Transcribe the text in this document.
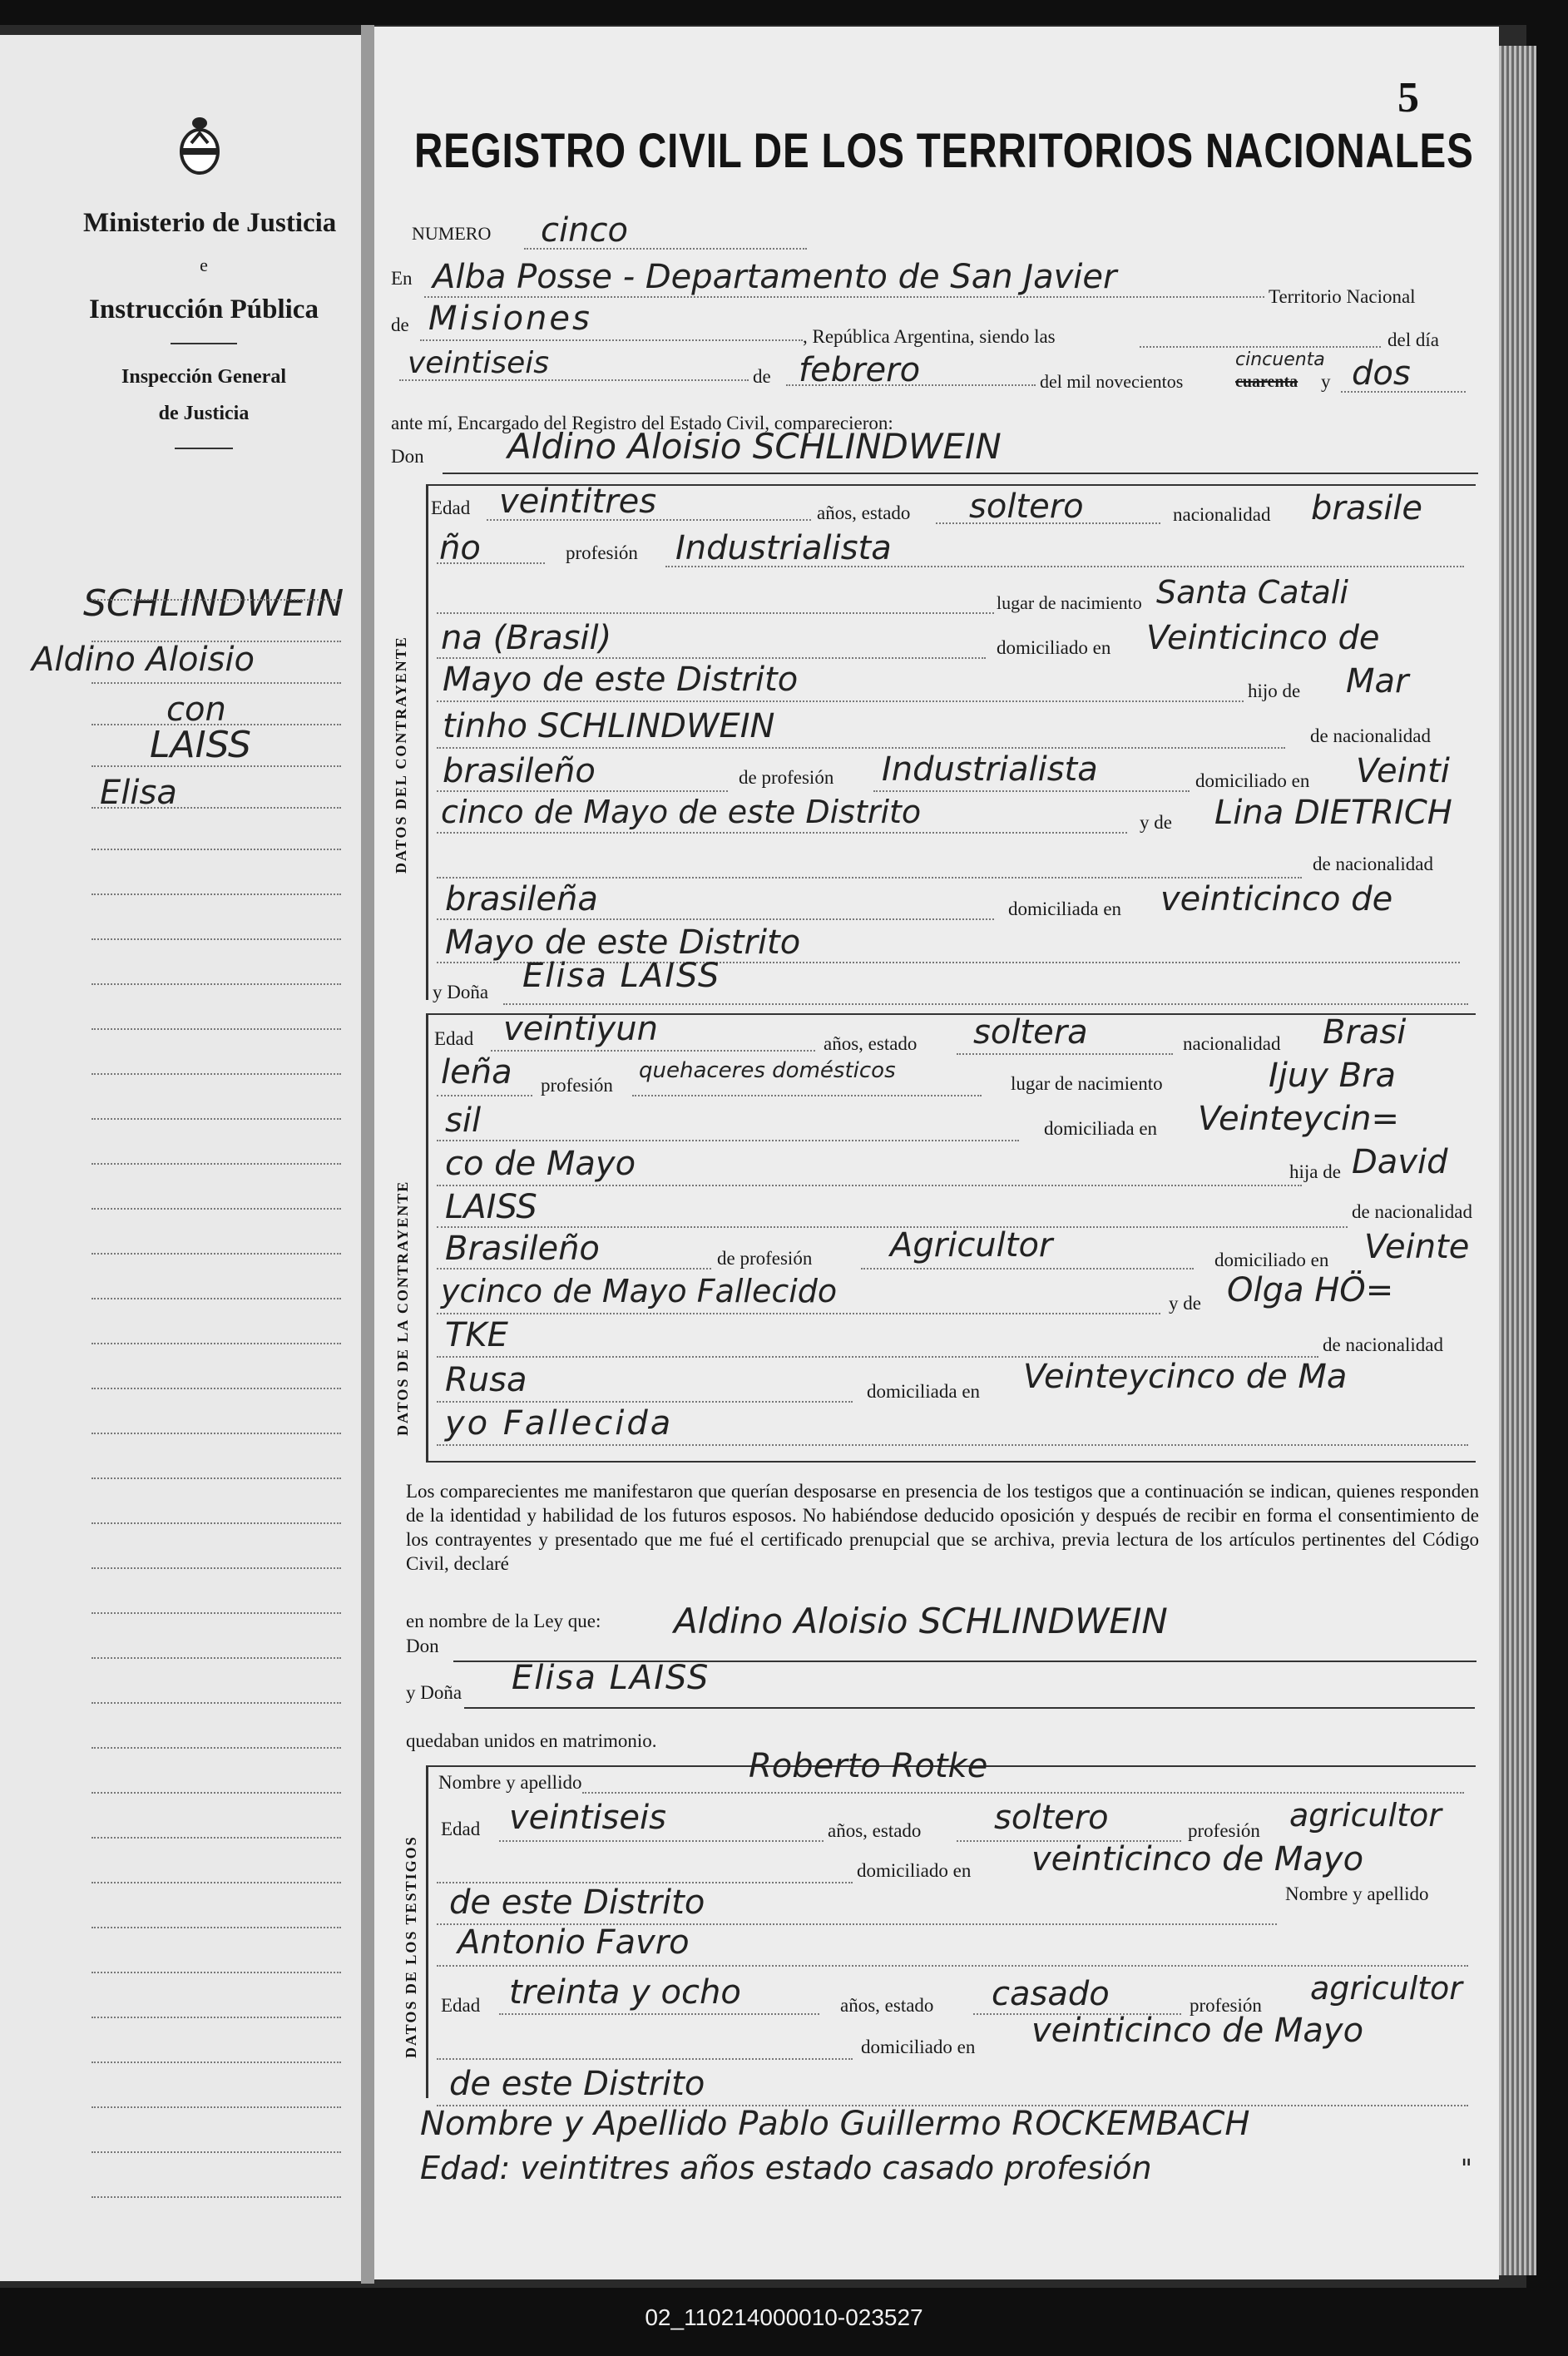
Ministerio de Justicia
e
Instrucción Pública
Inspección General
de Justicia
SCHLINDWEIN
Aldino Aloisio
con
LAISS
Elisa
5
REGISTRO CIVIL DE LOS TERRITORIOS NACIONALES
NUMERO cinco
En Alba Posse - Departamento de San Javier
Territorio Nacional
de Misiones	, República Argentina, siendo las	del día
veintiseis	de febrero	del mil novecientos
cincuenta
cuarenta y dos
ante mí, Encargado del Registro del Estado Civil, comparecieron:
Don Aldino Aloisio SCHLINDWEIN
DATOS DEL CONTRAYENTE
Edad veintitres	años, estado soltero	nacionalidad brasile
ño	profesión Industrialista
lugar de nacimiento Santa Catali
na (Brasil)	domiciliado en Veinticinco de
Mayo de este Distrito	hijo de Mar
tinho SCHLINDWEIN	de nacionalidad
brasileño	de profesión Industrialista	domiciliado en Veinti
cinco de Mayo de este Distrito	y de Lina DIETRICH
de nacionalidad
brasileña	domiciliada en veinticinco de
Mayo de este Distrito
y Doña Elisa LAISS
DATOS DE LA CONTRAYENTE
Edad veintiyun	años, estado soltera	nacionalidad Brasi
leña profesión
quehaceres domésticos
lugar de nacimiento	Ijuy Bra
sil	domiciliada en Veinteycin=
co de Mayo	hija de David
LAISS	de nacionalidad
Brasileño	de profesión Agricultor	domiciliado en Veinte
ycinco de Mayo Fallecido	y de Olga HÖ=
TKE	de nacionalidad
Rusa	domiciliada en Veinteycinco de Ma
yo Fallecida
Los comparecientes me manifestaron que querían desposarse en presencia de los testigos que a continuación se indican, quienes responden de la identidad y habilidad de los futuros esposos. No habiéndose deducido oposición y después de recibir en forma el consentimiento de los contrayentes y presentado que me fué el certificado prenupcial que se archiva, previa lectura de los artículos pertinentes del Código Civil, declaré
en nombre de la Ley que:
Don
Aldino Aloisio SCHLINDWEIN
y Doña Elisa LAISS
quedaban unidos en matrimonio.
DATOS DE LOS TESTIGOS
Nombre y apellido	Roberto Rotke
Edad veintiseis	años, estado soltero	profesión agricultor
domiciliado en veinticinco de Mayo
Nombre y apellido
de este Distrito
Antonio Favro
Edad treinta y ocho	años, estado casado	profesión agricultor
domiciliado en veinticinco de Mayo
de este Distrito
Nombre y Apellido Pablo Guillermo ROCKEMBACH
Edad: veintitres años estado casado profesión	"
02_110214000010-023527
